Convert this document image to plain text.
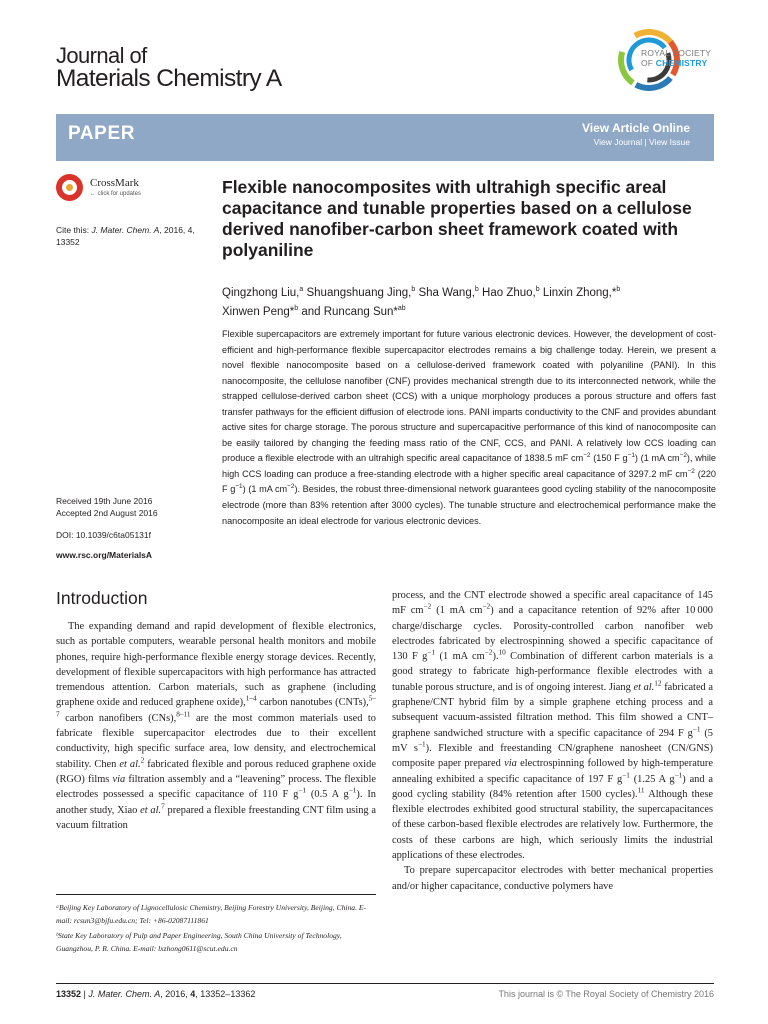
Journal of
Materials Chemistry A
ROYAL SOCIETY
OF CHEMISTRY
PAPER	View Article Online
View Journal | View Issue
CrossMark
← click for updates
Cite this: J. Mater. Chem. A, 2016, 4,
13352
Received 19th June 2016
Accepted 2nd August 2016
DOI: 10.1039/c6ta05131f
www.rsc.org/MaterialsA
Flexible nanocomposites with ultrahigh specific areal capacitance and tunable properties based on a cellulose derived nanofiber-carbon sheet framework coated with polyaniline
Qingzhong Liu,$^a$ Shuangshuang Jing,$^b$ Sha Wang,$^b$ Hao Zhuo,$^b$ Linxin Zhong,*$^b$
Xinwen Peng*$^b$ and Runcang Sun*$^{ab}$
Flexible supercapacitors are extremely important for future various electronic devices. However, the development of cost-efficient and high-performance flexible supercapacitor electrodes remains a big challenge today. Herein, we present a novel flexible nanocomposite based on a cellulose-derived framework coated with polyaniline (PANI). In this nanocomposite, the cellulose nanofiber (CNF) provides mechanical strength due to its interconnected network, while the strapped cellulose-derived carbon sheet (CCS) with a unique morphology produces a porous structure and offers fast transfer pathways for the efficient diffusion of electrode ions. PANI imparts conductivity to the CNF and provides abundant active sites for charge storage. The porous structure and supercapacitive performance of this kind of nanocomposite can be easily tailored by changing the feeding mass ratio of the CNF, CCS, and PANI. A relatively low CCS loading can produce a flexible electrode with an ultrahigh specific areal capacitance of 1838.5 mF $cm^{-2}$ (150 F $g^{-1}$) (1 mA $cm^{-2}$), while high CCS loading can produce a free-standing electrode with a higher specific areal capacitance of 3297.2 mF $cm^{-2}$ (220 F $g^{-1}$) (1 mA $cm^{-2}$). Besides, the robust three-dimensional network guarantees good cycling stability of the nanocomposite electrode (more than 83% retention after 3000 cycles). The tunable structure and electrochemical performance make the nanocomposite an ideal electrode for various electronic devices.
Introduction

The expanding demand and rapid development of flexible electronics, such as portable computers, wearable personal health monitors and mobile phones, require high-performance flexible energy storage devices. Recently, development of flexible supercapacitors with high performance has attracted tremendous attention. Carbon materials, such as graphene (including graphene oxide and reduced graphene oxide),$^{1-4}$ carbon nanotubes (CNTs),$^{5-7}$ carbon nanofibers (CNs),$^{8-11}$ are the most common materials used to fabricate flexible supercapacitor electrodes due to their excellent conductivity, high specific surface area, low density, and electrochemical stability. Chen et al.$^2$ fabricated flexible and porous reduced graphene oxide (RGO) films via filtration assembly and a “leavening” process. The flexible electrodes possessed a specific capacitance of 110 F $g^{-1}$ (0.5 A $g^{-1}$). In another study, Xiao et al.$^7$ prepared a flexible freestanding CNT film using a vacuum filtration

process, and the CNT electrode showed a specific areal capacitance of 145 mF $cm^{-2}$ (1 mA $cm^{-2}$) and a capacitance retention of 92% after 10 000 charge/discharge cycles. Porosity-controlled carbon nanofiber web electrodes fabricated by electrospinning showed a specific capacitance of 130 F $g^{-1}$ (1 mA $cm^{-2}).^{10}$ Combination of different carbon materials is a good strategy to fabricate high-performance flexible electrodes with a tunable porous structure, and is of ongoing interest. Jiang et al.$^{12}$ fabricated a graphene/CNT hybrid film by a simple graphene etching process and a subsequent vacuum-assisted filtration method. This film showed a CNT–graphene sandwiched structure with a specific capacitance of 294 F $g^{-1}$ (5 mV $s^{-1}$). Flexible and freestanding CN/graphene nanosheet (CN/GNS) composite paper prepared via electrospinning followed by high-temperature annealing exhibited a specific capacitance of 197 F $g^{-1}$ (1.25 A $g^{-1}$) and a good cycling stability (84% retention after 1500 cycles).$^{11}$ Although these flexible electrodes exhibited good structural stability, the supercapacitances of these carbon-based flexible electrodes are relatively low. Furthermore, the costs of these carbons are high, which seriously limits the industrial applications of these electrodes.

To prepare supercapacitor electrodes with better mechanical properties and/or higher capacitance, conductive polymers have

ᵃBeijing Key Laboratory of Lignocellulosic Chemistry, Beijing Forestry University, Beijing, China. E-mail: rcsun3@bjfu.edu.cn; Tel: +86-02087111861

ᵇState Key Laboratory of Pulp and Paper Engineering, South China University of Technology, Guangzhou, P. R. China. E-mail: lxzhong0611@scut.edu.cn

13352 | J. Mater. Chem. A, 2016, 4, 13352–13362	This journal is © The Royal Society of Chemistry 2016
